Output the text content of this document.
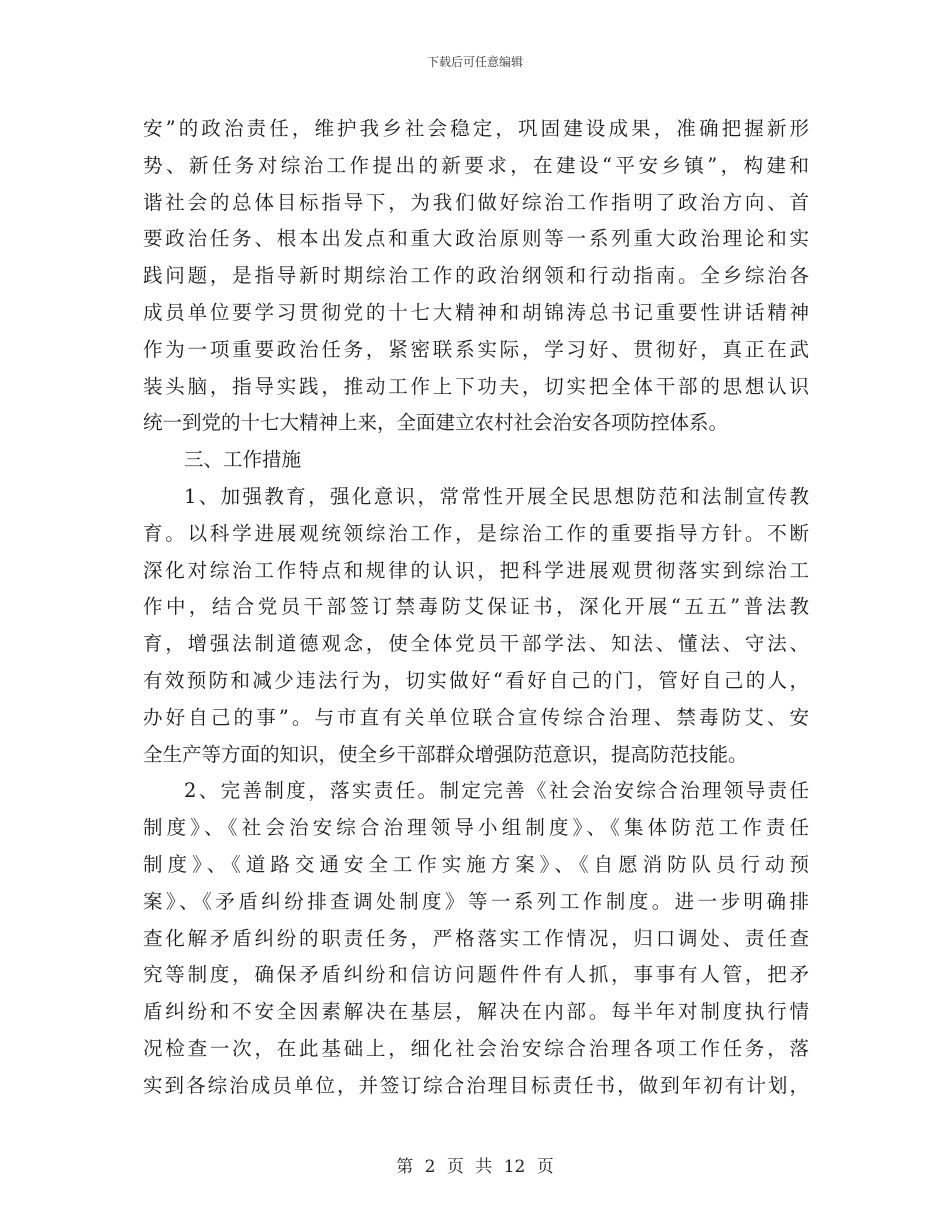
下载后可任意编辑
安”的政治责任，维护我乡社会稳定，巩固建设成果，准确把握新形
势、新任务对综治工作提出的新要求，在建设“平安乡镇”，构建和
谐社会的总体目标指导下，为我们做好综治工作指明了政治方向、首
要政治任务、根本出发点和重大政治原则等一系列重大政治理论和实
践问题，是指导新时期综治工作的政治纲领和行动指南。全乡综治各
成员单位要学习贯彻党的十七大精神和胡锦涛总书记重要性讲话精神
作为一项重要政治任务，紧密联系实际，学习好、贯彻好，真正在武
装头脑，指导实践，推动工作上下功夫，切实把全体干部的思想认识
统一到党的十七大精神上来，全面建立农村社会治安各项防控体系。
三、工作措施
1、加强教育，强化意识，常常性开展全民思想防范和法制宣传教
育。以科学进展观统领综治工作，是综治工作的重要指导方针。不断
深化对综治工作特点和规律的认识，把科学进展观贯彻落实到综治工
作中，结合党员干部签订禁毒防艾保证书，深化开展“五五”普法教
育，增强法制道德观念，使全体党员干部学法、知法、懂法、守法、
有效预防和减少违法行为，切实做好“看好自己的门，管好自己的人，
办好自己的事”。与市直有关单位联合宣传综合治理、禁毒防艾、安
全生产等方面的知识，使全乡干部群众增强防范意识，提高防范技能。
2、完善制度，落实责任。制定完善《社会治安综合治理领导责任
制度》、《社会治安综合治理领导小组制度》、《集体防范工作责任
制度》、《道路交通安全工作实施方案》、《自愿消防队员行动预
案》、《矛盾纠纷排查调处制度》等一系列工作制度。进一步明确排
查化解矛盾纠纷的职责任务，严格落实工作情况，归口调处、责任查
究等制度，确保矛盾纠纷和信访问题件件有人抓，事事有人管，把矛
盾纠纷和不安全因素解决在基层，解决在内部。每半年对制度执行情
况检查一次，在此基础上，细化社会治安综合治理各项工作任务，落
实到各综治成员单位，并签订综合治理目标责任书，做到年初有计划，
第 2 页 共 12 页
